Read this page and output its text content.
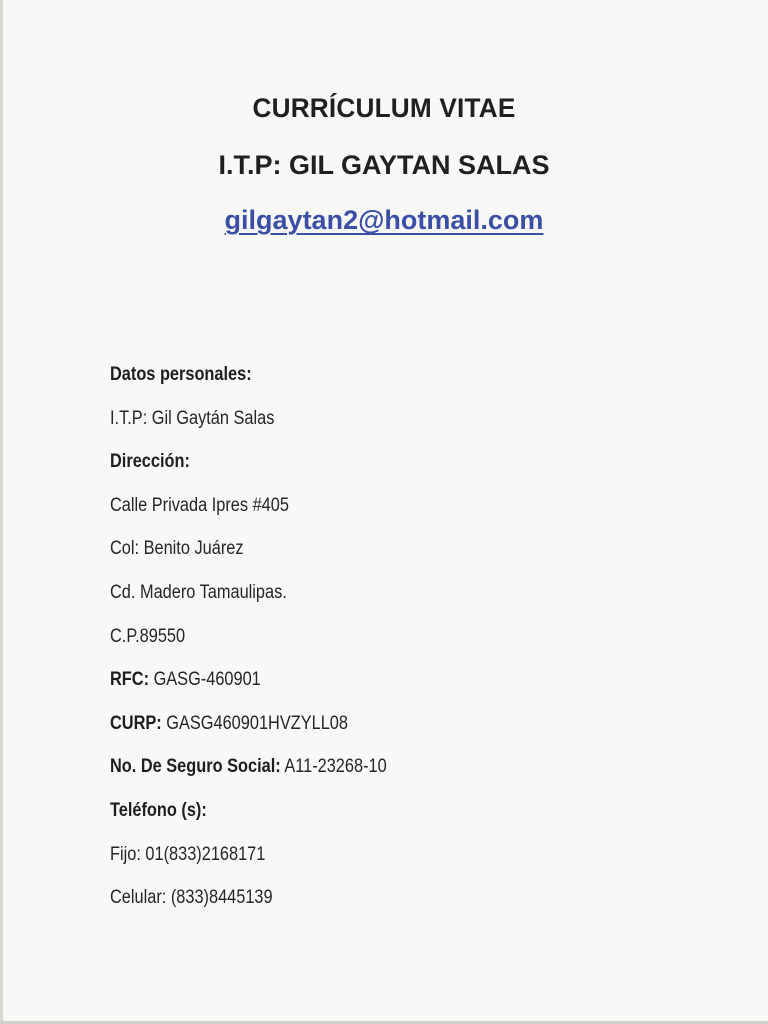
CURRÍCULUM VITAE
I.T.P: GIL GAYTAN SALAS
gilgaytan2@hotmail.com
Datos personales:
I.T.P: Gil Gaytán Salas
Dirección:
Calle Privada Ipres #405
Col: Benito Juárez
Cd. Madero Tamaulipas.
C.P.89550
RFC: GASG-460901
CURP: GASG460901HVZYLL08
No. De Seguro Social: A11-23268-10
Teléfono (s):
Fijo: 01(833)2168171
Celular: (833)8445139
